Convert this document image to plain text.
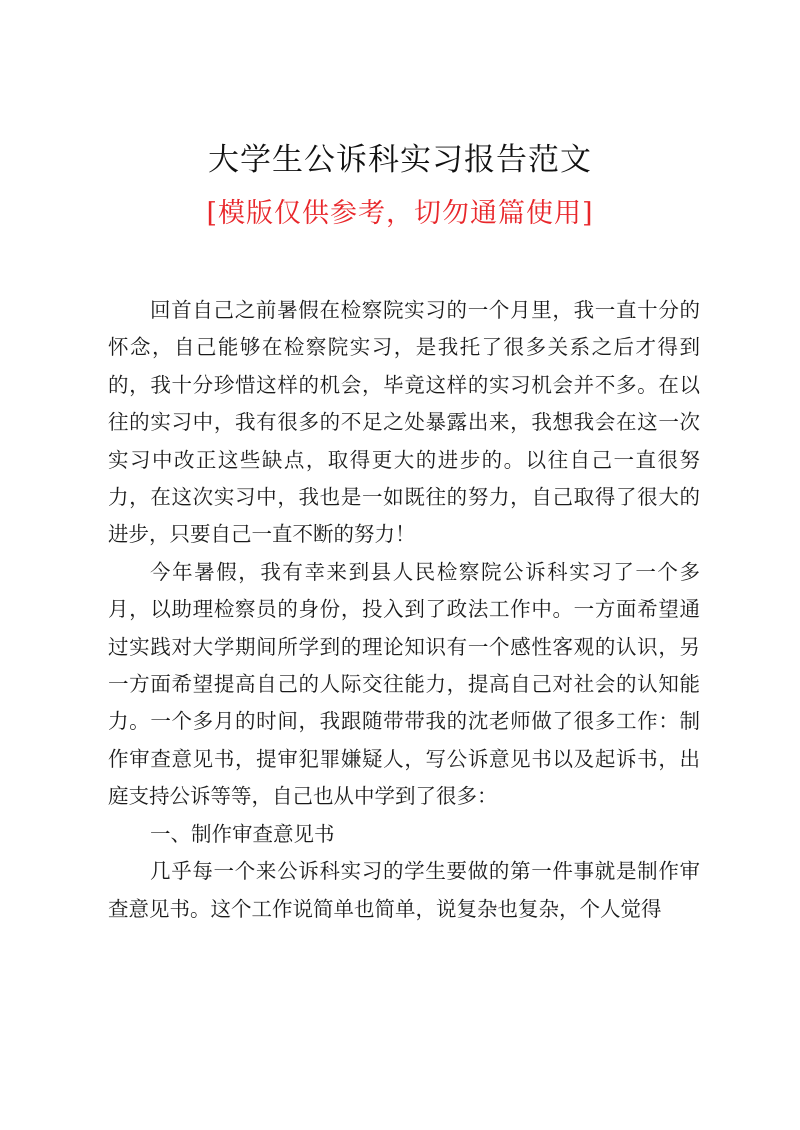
大学生公诉科实习报告范文
[模版仅供参考，切勿通篇使用]

回首自己之前暑假在检察院实习的一个月里，我一直十分的怀念，自己能够在检察院实习，是我托了很多关系之后才得到的，我十分珍惜这样的机会，毕竟这样的实习机会并不多。在以往的实习中，我有很多的不足之处暴露出来，我想我会在这一次实习中改正这些缺点，取得更大的进步的。以往自己一直很努力，在这次实习中，我也是一如既往的努力，自己取得了很大的进步，只要自己一直不断的努力！

今年暑假，我有幸来到县人民检察院公诉科实习了一个多月，以助理检察员的身份，投入到了政法工作中。一方面希望通过实践对大学期间所学到的理论知识有一个感性客观的认识，另一方面希望提高自己的人际交往能力，提高自己对社会的认知能力。一个多月的时间，我跟随带带我的沈老师做了很多工作：制作审查意见书，提审犯罪嫌疑人，写公诉意见书以及起诉书，出庭支持公诉等等，自己也从中学到了很多：

一、制作审查意见书

几乎每一个来公诉科实习的学生要做的第一件事就是制作审查意见书。这个工作说简单也简单，说复杂也复杂，个人觉得
